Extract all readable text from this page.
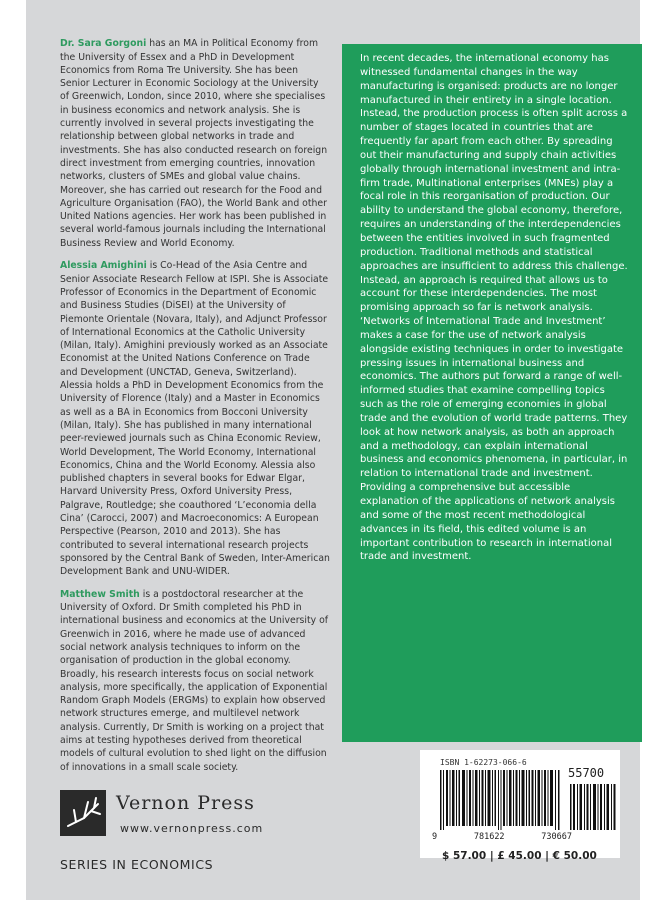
Dr. Sara Gorgoni has an MA in Political Economy from the University of Essex and a PhD in Development Economics from Roma Tre University. She has been Senior Lecturer in Economic Sociology at the University of Greenwich, London, since 2010, where she specialises in business economics and network analysis. She is currently involved in several projects investigating the relationship between global networks in trade and investments. She has also conducted research on foreign direct investment from emerging countries, innovation networks, clusters of SMEs and global value chains. Moreover, she has carried out research for the Food and Agriculture Organisation (FAO), the World Bank and other United Nations agencies. Her work has been published in several world-famous journals including the International Business Review and World Economy.

Alessia Amighini is Co-Head of the Asia Centre and Senior Associate Research Fellow at ISPI. She is Associate Professor of Economics in the Department of Economic and Business Studies (DiSEI) at the University of Piemonte Orientale (Novara, Italy), and Adjunct Professor of International Economics at the Catholic University (Milan, Italy). Amighini previously worked as an Associate Economist at the United Nations Conference on Trade and Development (UNCTAD, Geneva, Switzerland). Alessia holds a PhD in Development Economics from the University of Florence (Italy) and a Master in Economics as well as a BA in Economics from Bocconi University (Milan, Italy). She has published in many international peer-reviewed journals such as China Economic Review, World Development, The World Economy, International Economics, China and the World Economy. Alessia also published chapters in several books for Edwar Elgar, Harvard University Press, Oxford University Press, Palgrave, Routledge; she coauthored ‘L’economia della Cina’ (Carocci, 2007) and Macroeconomics: A European Perspective (Pearson, 2010 and 2013). She has contributed to several international research projects sponsored by the Central Bank of Sweden, Inter-American Development Bank and UNU-WIDER.

Matthew Smith is a postdoctoral researcher at the University of Oxford. Dr Smith completed his PhD in international business and economics at the University of Greenwich in 2016, where he made use of advanced social network analysis techniques to inform on the organisation of production in the global economy. Broadly, his research interests focus on social network analysis, more specifically, the application of Exponential Random Graph Models (ERGMs) to explain how observed network structures emerge, and multilevel network analysis. Currently, Dr Smith is working on a project that aims at testing hypotheses derived from theoretical models of cultural evolution to shed light on the diffusion of innovations in a small scale society.

In recent decades, the international economy has witnessed fundamental changes in the way manufacturing is organised: products are no longer manufactured in their entirety in a single location. Instead, the production process is often split across a number of stages located in countries that are frequently far apart from each other. By spreading out their manufacturing and supply chain activities globally through international investment and intra-firm trade, Multinational enterprises (MNEs) play a focal role in this reorganisation of production. Our ability to understand the global economy, therefore, requires an understanding of the interdependencies between the entities involved in such fragmented production. Traditional methods and statistical approaches are insufficient to address this challenge. Instead, an approach is required that allows us to account for these interdependencies. The most promising approach so far is network analysis. ‘Networks of International Trade and Investment’ makes a case for the use of network analysis alongside existing techniques in order to investigate pressing issues in international business and economics. The authors put forward a range of well-informed studies that examine compelling topics such as the role of emerging economies in global trade and the evolution of world trade patterns. They look at how network analysis, as both an approach and a methodology, can explain international business and economics phenomena, in particular, in relation to international trade and investment. Providing a comprehensive but accessible explanation of the applications of network analysis and some of the most recent methodological advances in its field, this edited volume is an important contribution to research in international trade and investment.

ISBN 1-62273-066-6
55700
9	781622	730667
$ 57.00 | £ 45.00 | € 50.00
Vernon Press
www.vernonpress.com
SERIES IN ECONOMICS
